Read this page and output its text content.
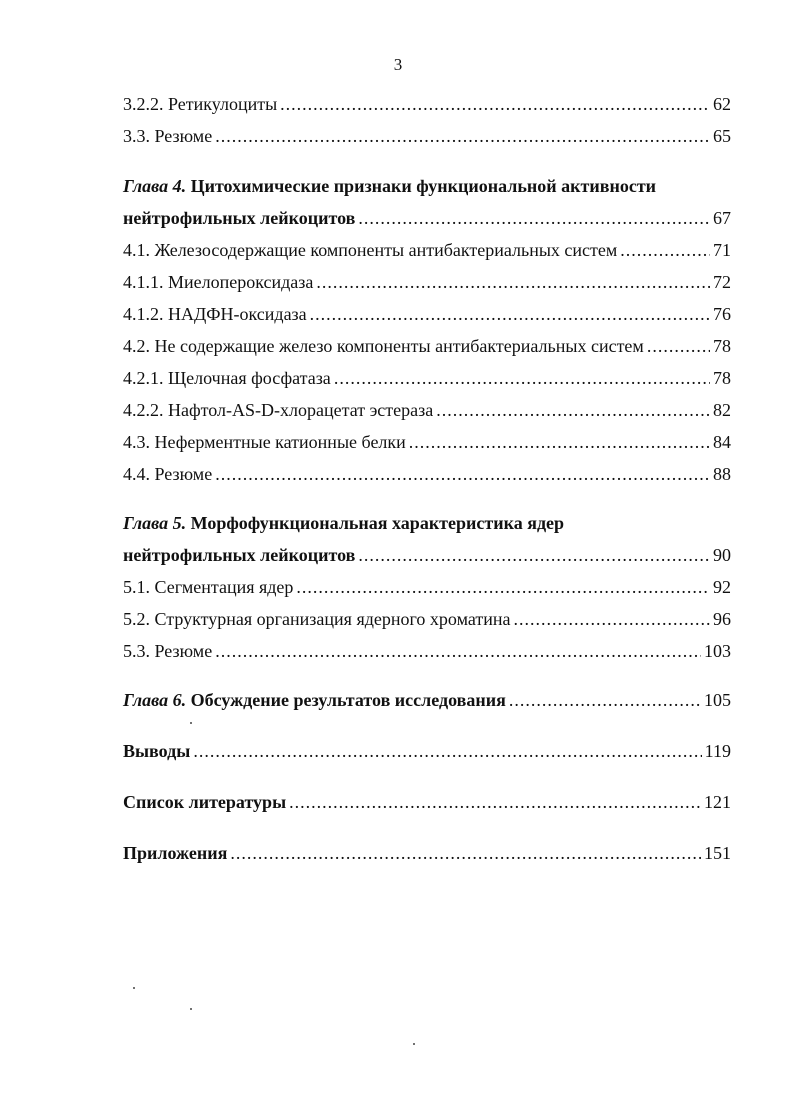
3
3.2.2. Ретикулоциты .....	62
3.3. Резюме .....	65
Глава 4. Цитохимические признаки функциональной активности
нейтрофильных лейкоцитов .....	67
4.1. Железосодержащие компоненты антибактериальных систем .....	71
4.1.1. Миелопероксидаза .....	72
4.1.2. НАДФН-оксидаза .....	76
4.2. Не содержащие железо компоненты антибактериальных систем .....	78
4.2.1. Щелочная фосфатаза .....	78
4.2.2. Нафтол-AS-D-хлорацетат эстераза .....	82
4.3. Неферментные катионные белки .....	84
4.4. Резюме .....	88
Глава 5. Морфофункциональная характеристика ядер
нейтрофильных лейкоцитов .....	90
5.1. Сегментация ядер .....	92
5.2. Структурная организация ядерного хроматина .....	96
5.3. Резюме .....	103
Глава 6. Обсуждение результатов исследования .....	105
Выводы .....	119
Список литературы .....	121
Приложения .....	151
